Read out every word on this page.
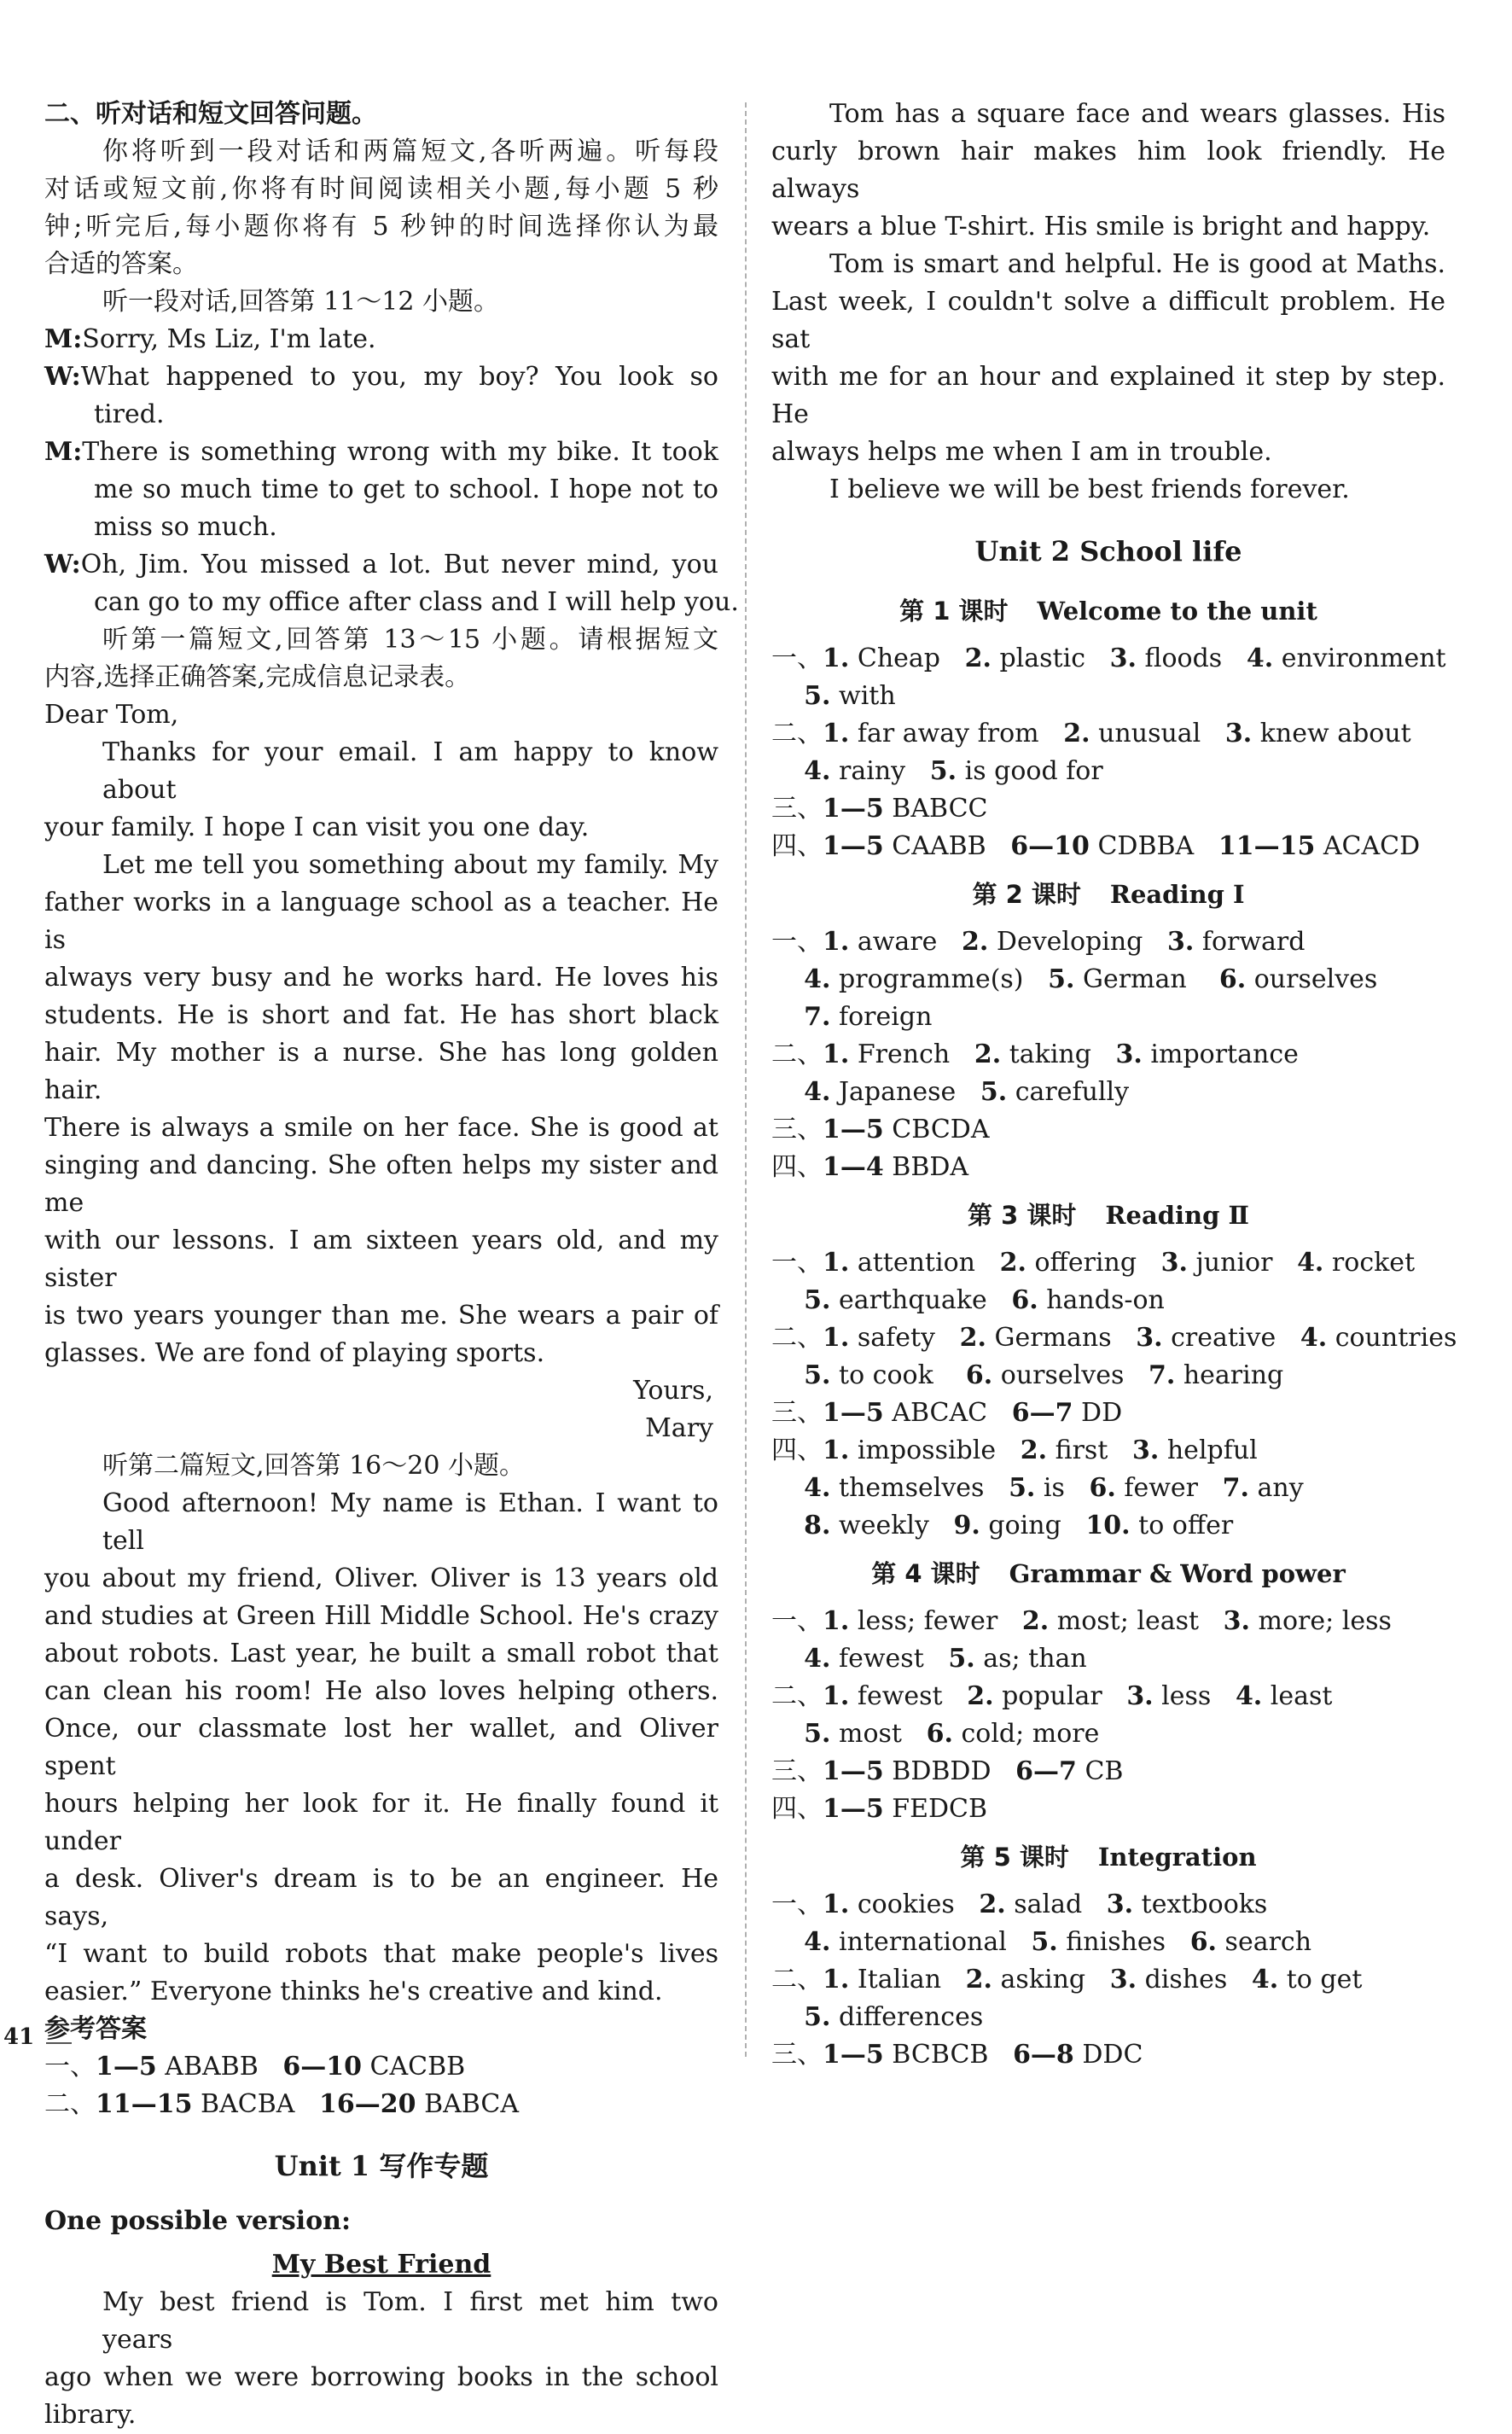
二、听对话和短文回答问题。
你将听到一段对话和两篇短文,各听两遍。听每段
对话或短文前,你将有时间阅读相关小题,每小题 5 秒
钟;听完后,每小题你将有 5 秒钟的时间选择你认为最
合适的答案。
听一段对话,回答第 11～12 小题。
M:Sorry, Ms Liz, I'm late.
W:What happened to you, my boy? You look so
tired.
M:There is something wrong with my bike. It took
me so much time to get to school. I hope not to
miss so much.
W:Oh, Jim. You missed a lot. But never mind, you
can go to my office after class and I will help you.
听第一篇短文,回答第 13～15 小题。请根据短文
内容,选择正确答案,完成信息记录表。
Dear Tom,
Thanks for your email. I am happy to know about
your family. I hope I can visit you one day.
Let me tell you something about my family. My
father works in a language school as a teacher. He is
always very busy and he works hard. He loves his
students. He is short and fat. He has short black
hair. My mother is a nurse. She has long golden hair.
There is always a smile on her face. She is good at
singing and dancing. She often helps my sister and me
with our lessons. I am sixteen years old, and my sister
is two years younger than me. She wears a pair of
glasses. We are fond of playing sports.
Yours,
Mary
听第二篇短文,回答第 16～20 小题。
Good afternoon! My name is Ethan. I want to tell
you about my friend, Oliver. Oliver is 13 years old
and studies at Green Hill Middle School. He's crazy
about robots. Last year, he built a small robot that
can clean his room! He also loves helping others.
Once, our classmate lost her wallet, and Oliver spent
hours helping her look for it. He finally found it under
a desk. Oliver's dream is to be an engineer. He says,
“I want to build robots that make people's lives
easier.” Everyone thinks he's creative and kind.
参考答案
一、1—5 ABABB   6—10 CACBB
二、11—15 BACBA   16—20 BABCA
Unit 1 写作专题
One possible version:
My Best Friend
My best friend is Tom. I first met him two years
ago when we were borrowing books in the school
library.
Tom has a square face and wears glasses. His
curly brown hair makes him look friendly. He always
wears a blue T-shirt. His smile is bright and happy.
Tom is smart and helpful. He is good at Maths.
Last week, I couldn't solve a difficult problem. He sat
with me for an hour and explained it step by step. He
always helps me when I am in trouble.
I believe we will be best friends forever.
Unit 2 School life
第 1 课时 Welcome to the unit
一、1. Cheap   2. plastic   3. floods   4. environment
5. with
二、1. far away from   2. unusual   3. knew about
4. rainy   5. is good for
三、1—5 BABCC
四、1—5 CAABB   6—10 CDBBA   11—15 ACACD
第 2 课时 Reading Ⅰ
一、1. aware   2. Developing   3. forward
4. programme(s)   5. German    6. ourselves
7. foreign
二、1. French   2. taking   3. importance
4. Japanese   5. carefully
三、1—5 CBCDA
四、1—4 BBDA
第 3 课时 Reading Ⅱ
一、1. attention   2. offering   3. junior   4. rocket
5. earthquake   6. hands-on
二、1. safety   2. Germans   3. creative   4. countries
5. to cook    6. ourselves   7. hearing
三、1—5 ABCAC   6—7 DD
四、1. impossible   2. first   3. helpful
4. themselves   5. is   6. fewer   7. any
8. weekly   9. going   10. to offer
第 4 课时 Grammar & Word power
一、1. less; fewer   2. most; least   3. more; less
4. fewest   5. as; than
二、1. fewest   2. popular   3. less   4. least
5. most   6. cold; more
三、1—5 BDBDD   6—7 CB
四、1—5 FEDCB
第 5 课时 Integration
一、1. cookies   2. salad   3. textbooks
4. international   5. finishes   6. search
二、1. Italian   2. asking   3. dishes   4. to get
5. differences
三、1—5 BCBCB   6—8 DDC
41
